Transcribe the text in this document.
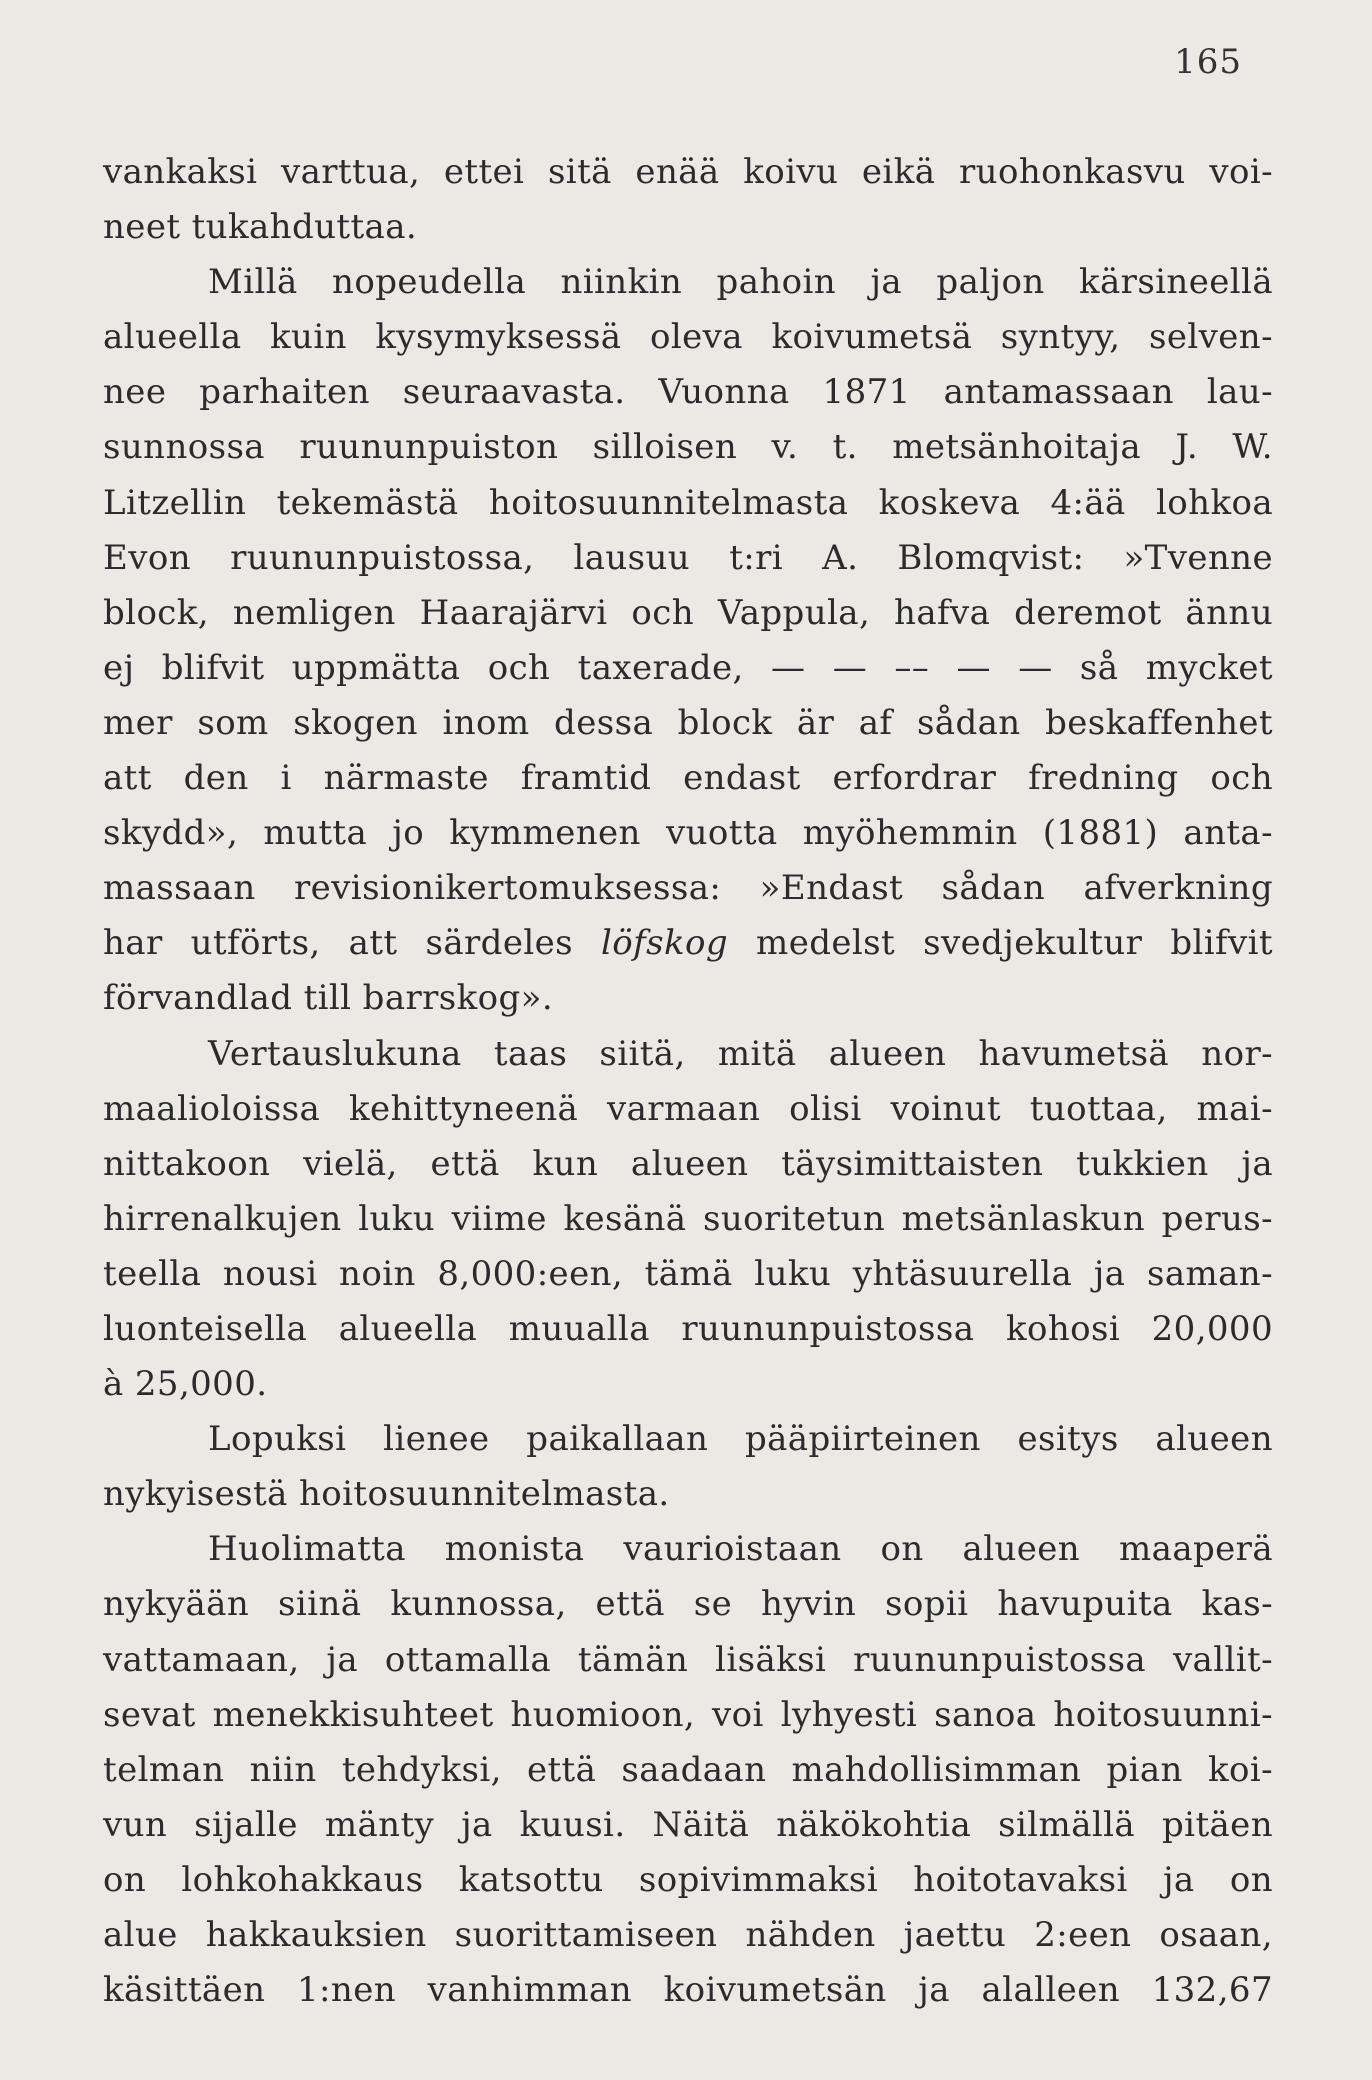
165
vankaksi varttua, ettei sitä enää koivu eikä ruohonkasvu voi-
neet tukahduttaa.
Millä nopeudella niinkin pahoin ja paljon kärsineellä
alueella kuin kysymyksessä oleva koivumetsä syntyy, selven-
nee parhaiten seuraavasta. Vuonna 1871 antamassaan lau-
sunnossa ruununpuiston silloisen v. t. metsänhoitaja J. W.
Litzellin tekemästä hoitosuunnitelmasta koskeva 4:ää lohkoa
Evon ruununpuistossa, lausuu t:ri A. Blomqvist: »Tvenne
block, nemligen Haarajärvi och Vappula, hafva deremot ännu
ej blifvit uppmätta och taxerade, — — –– — — så mycket
mer som skogen inom dessa block är af sådan beskaffenhet
att den i närmaste framtid endast erfordrar fredning och
skydd», mutta jo kymmenen vuotta myöhemmin (1881) anta-
massaan revisionikertomuksessa: »Endast sådan afverkning
har utförts, att särdeles löfskog medelst svedjekultur blifvit
förvandlad till barrskog».
Vertauslukuna taas siitä, mitä alueen havumetsä nor-
maalioloissa kehittyneenä varmaan olisi voinut tuottaa, mai-
nittakoon vielä, että kun alueen täysimittaisten tukkien ja
hirrenalkujen luku viime kesänä suoritetun metsänlaskun perus-
teella nousi noin 8,000:een, tämä luku yhtäsuurella ja saman-
luonteisella alueella muualla ruununpuistossa kohosi 20,000
à 25,000.
Lopuksi lienee paikallaan pääpiirteinen esitys alueen
nykyisestä hoitosuunnitelmasta.
Huolimatta monista vaurioistaan on alueen maaperä
nykyään siinä kunnossa, että se hyvin sopii havupuita kas-
vattamaan, ja ottamalla tämän lisäksi ruununpuistossa vallit-
sevat menekkisuhteet huomioon, voi lyhyesti sanoa hoitosuunni-
telman niin tehdyksi, että saadaan mahdollisimman pian koi-
vun sijalle mänty ja kuusi. Näitä näkökohtia silmällä pitäen
on lohkohakkaus katsottu sopivimmaksi hoitotavaksi ja on
alue hakkauksien suorittamiseen nähden jaettu 2:een osaan,
käsittäen 1:nen vanhimman koivumetsän ja alalleen 132,67
